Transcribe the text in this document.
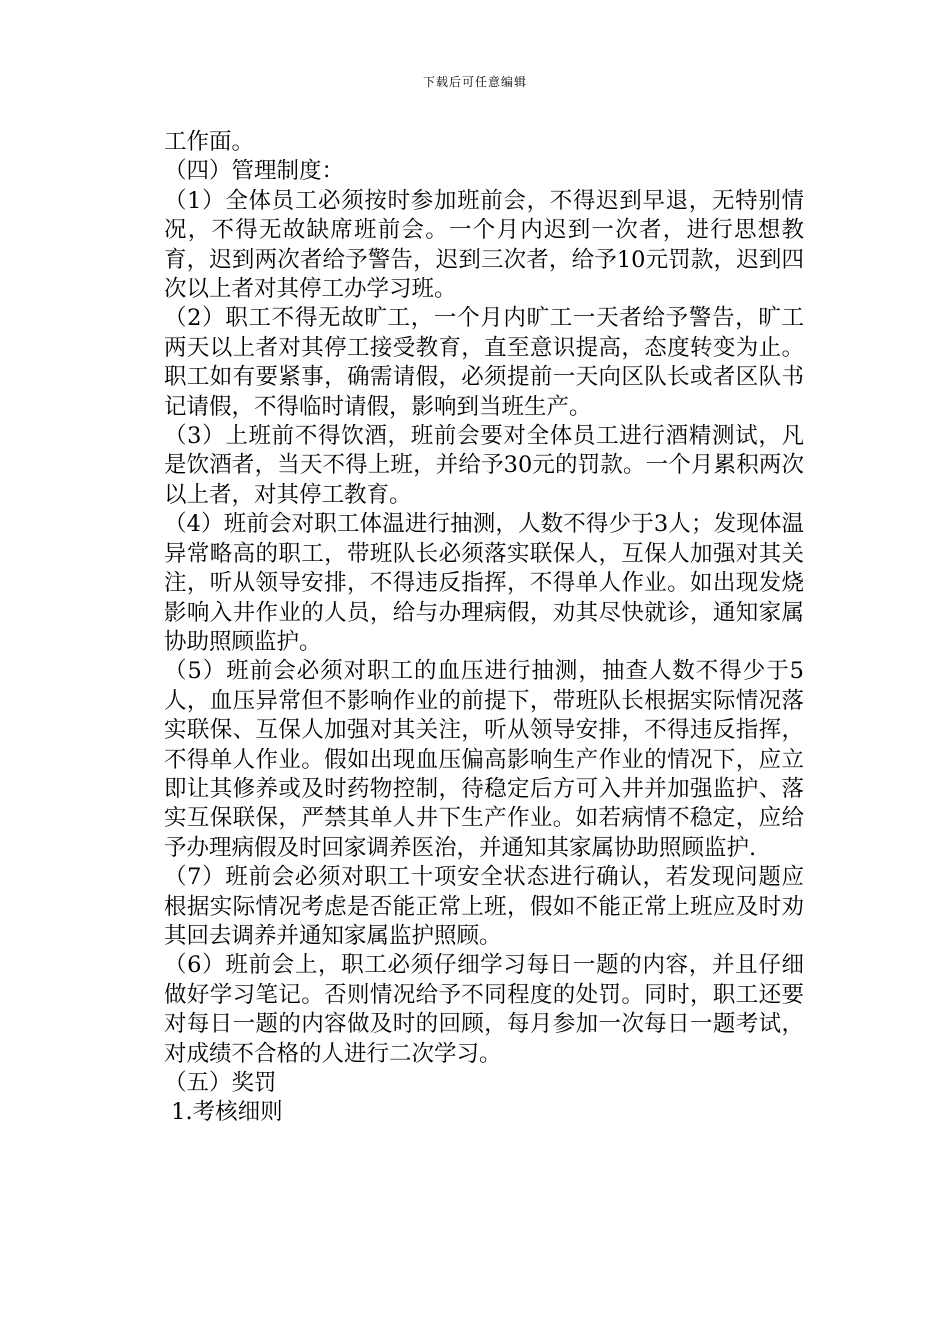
下载后可任意编辑

工作面。

（四）管理制度：

（1）全体员工必须按时参加班前会，不得迟到早退，无特别情况，不得无故缺席班前会。一个月内迟到一次者，进行思想教育，迟到两次者给予警告，迟到三次者，给予10元罚款，迟到四次以上者对其停工办学习班。

（2）职工不得无故旷工，一个月内旷工一天者给予警告，旷工两天以上者对其停工接受教育，直至意识提高，态度转变为止。职工如有要紧事，确需请假，必须提前一天向区队长或者区队书记请假，不得临时请假，影响到当班生产。

（3）上班前不得饮酒，班前会要对全体员工进行酒精测试，凡是饮酒者，当天不得上班，并给予30元的罚款。一个月累积两次以上者，对其停工教育。

（4）班前会对职工体温进行抽测，人数不得少于3人；发现体温异常略高的职工，带班队长必须落实联保人，互保人加强对其关注，听从领导安排，不得违反指挥，不得单人作业。如出现发烧影响入井作业的人员，给与办理病假，劝其尽快就诊，通知家属协助照顾监护。

（5）班前会必须对职工的血压进行抽测，抽查人数不得少于5人，血压异常但不影响作业的前提下，带班队长根据实际情况落实联保、互保人加强对其关注，听从领导安排，不得违反指挥，不得单人作业。假如出现血压偏高影响生产作业的情况下，应立即让其修养或及时药物控制，待稳定后方可入井并加强监护、落实互保联保，严禁其单人井下生产作业。如若病情不稳定，应给予办理病假及时回家调养医治，并通知其家属协助照顾监护.

（7）班前会必须对职工十项安全状态进行确认，若发现问题应根据实际情况考虑是否能正常上班，假如不能正常上班应及时劝其回去调养并通知家属监护照顾。

（6）班前会上，职工必须仔细学习每日一题的内容，并且仔细做好学习笔记。否则情况给予不同程度的处罚。同时，职工还要对每日一题的内容做及时的回顾，每月参加一次每日一题考试，对成绩不合格的人进行二次学习。

（五）奖罚

1.考核细则
